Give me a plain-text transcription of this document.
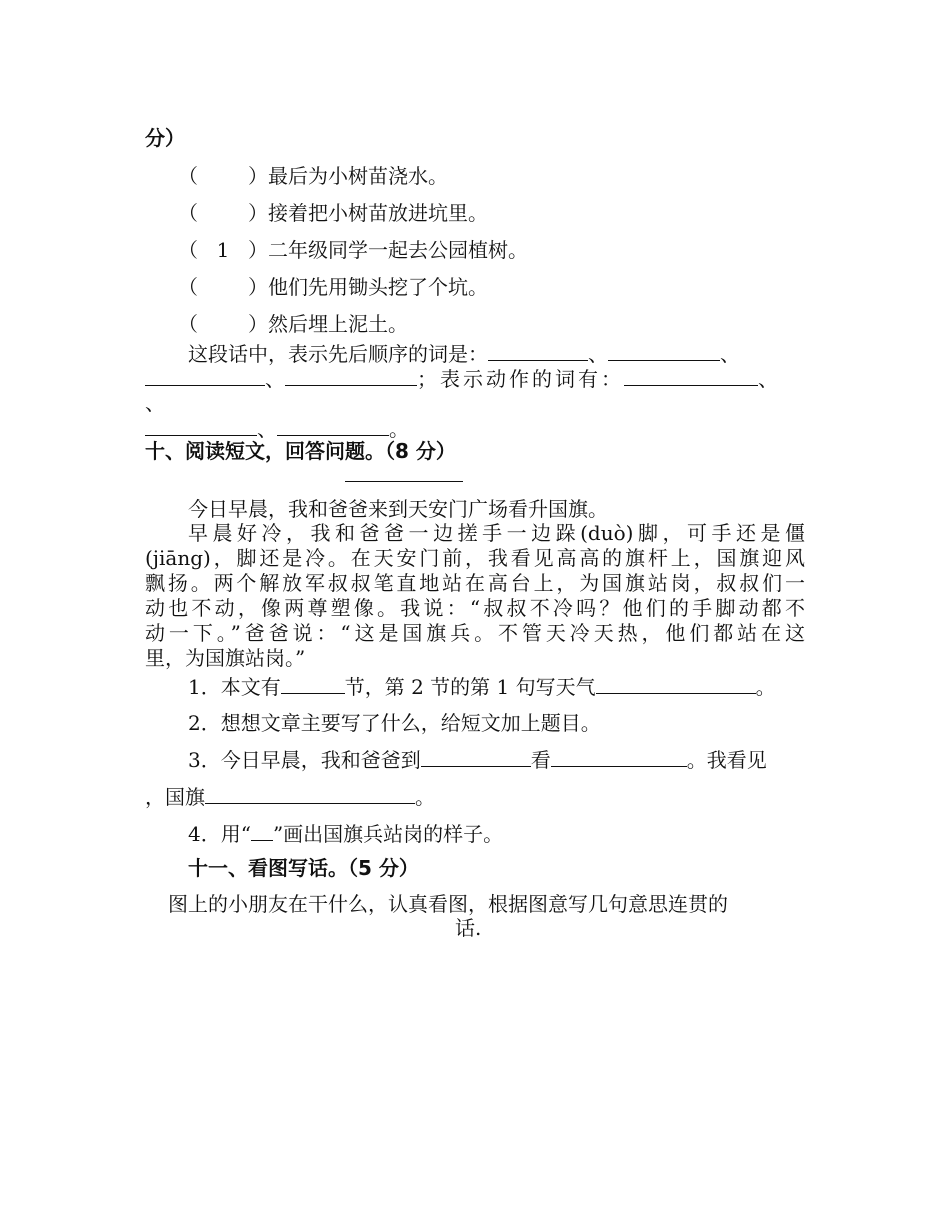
分）
（	）最后为小树苗浇水。
（	）接着把小树苗放进坑里。
（ 1 ）二年级同学一起去公园植树。
（	）他们先用锄头挖了个坑。
（	）然后埋上泥土。
这段话中，表示先后顺序的词是：	、	、
、	；表示动作的词有：	、
、
、	。
十、阅读短文，回答问题。（8 分）
今日早晨，我和爸爸来到天安门广场看升国旗。
早晨好冷，我和爸爸一边搓手一边跺(duò)脚，可手还是僵
(jiāng)，脚还是冷。在天安门前，我看见高高的旗杆上，国旗迎风
飘扬。两个解放军叔叔笔直地站在高台上，为国旗站岗，叔叔们一
动也不动，像两尊塑像。我说：“叔叔不冷吗？他们的手脚动都不
动一下。”爸爸说：“这是国旗兵。不管天冷天热，他们都站在这
里，为国旗站岗。”
1．本文有	节，第 2 节的第 1 句写天气	。
2．想想文章主要写了什么，给短文加上题目。
3．今日早晨，我和爸爸到	看	。我看见
，国旗	。
4．用“ ”画出国旗兵站岗的样子。
十一、看图写话。（5 分）
图上的小朋友在干什么，认真看图，根据图意写几句意思连贯的
话.
